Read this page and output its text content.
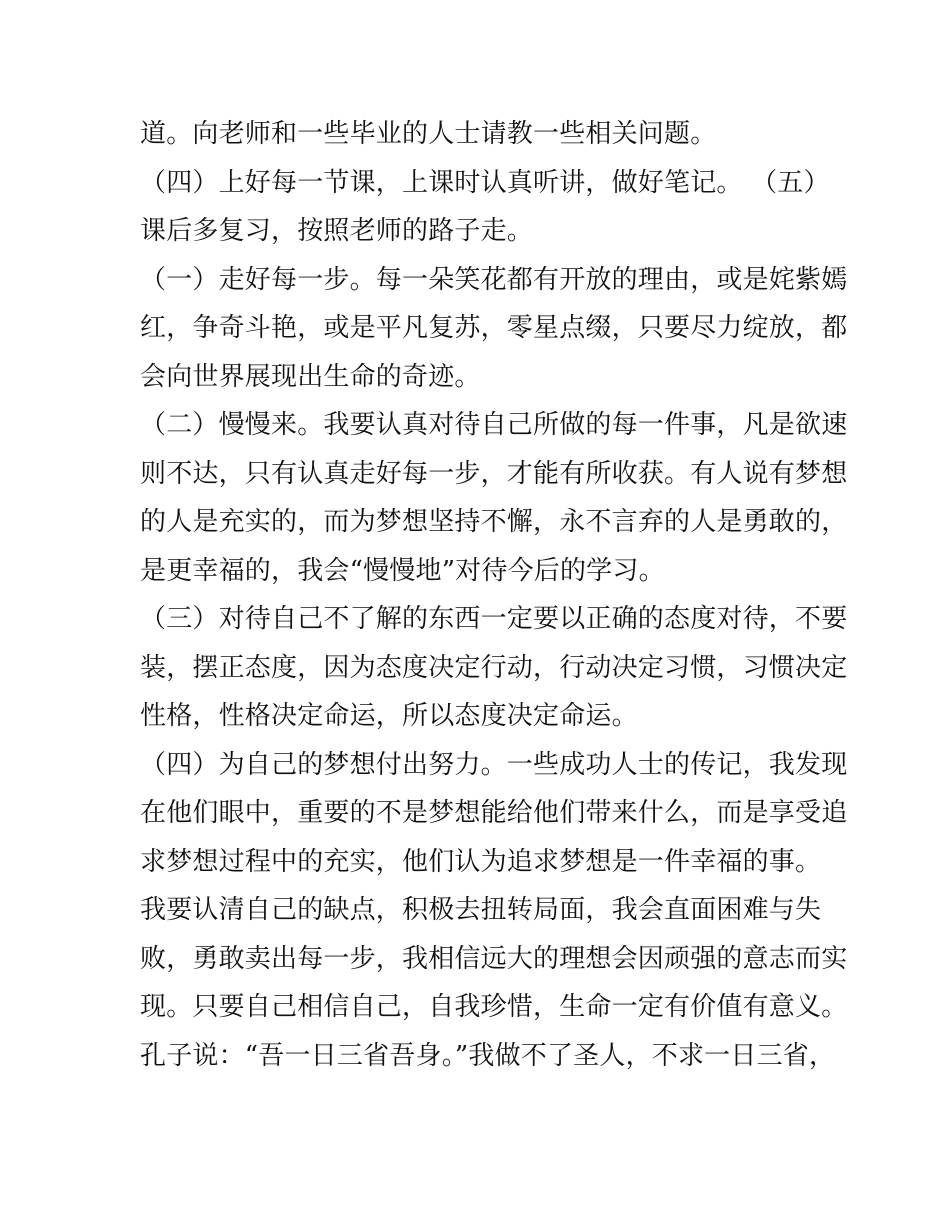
道。向老师和一些毕业的人士请教一些相关问题。
（四）上好每一节课，上课时认真听讲，做好笔记。 （五）
课后多复习，按照老师的路子走。
（一）走好每一步。每一朵笑花都有开放的理由，或是姹紫嫣
红，争奇斗艳，或是平凡复苏，零星点缀，只要尽力绽放，都
会向世界展现出生命的奇迹。
（二）慢慢来。我要认真对待自己所做的每一件事，凡是欲速
则不达，只有认真走好每一步，才能有所收获。有人说有梦想
的人是充实的，而为梦想坚持不懈，永不言弃的人是勇敢的，
是更幸福的，我会“慢慢地”对待今后的学习。
（三）对待自己不了解的东西一定要以正确的态度对待，不要
装，摆正态度，因为态度决定行动，行动决定习惯，习惯决定
性格，性格决定命运，所以态度决定命运。
（四）为自己的梦想付出努力。一些成功人士的传记，我发现
在他们眼中，重要的不是梦想能给他们带来什么，而是享受追
求梦想过程中的充实，他们认为追求梦想是一件幸福的事。
我要认清自己的缺点，积极去扭转局面，我会直面困难与失
败，勇敢卖出每一步，我相信远大的理想会因顽强的意志而实
现。只要自己相信自己，自我珍惜，生命一定有价值有意义。
孔子说：“吾一日三省吾身。”我做不了圣人，不求一日三省，
